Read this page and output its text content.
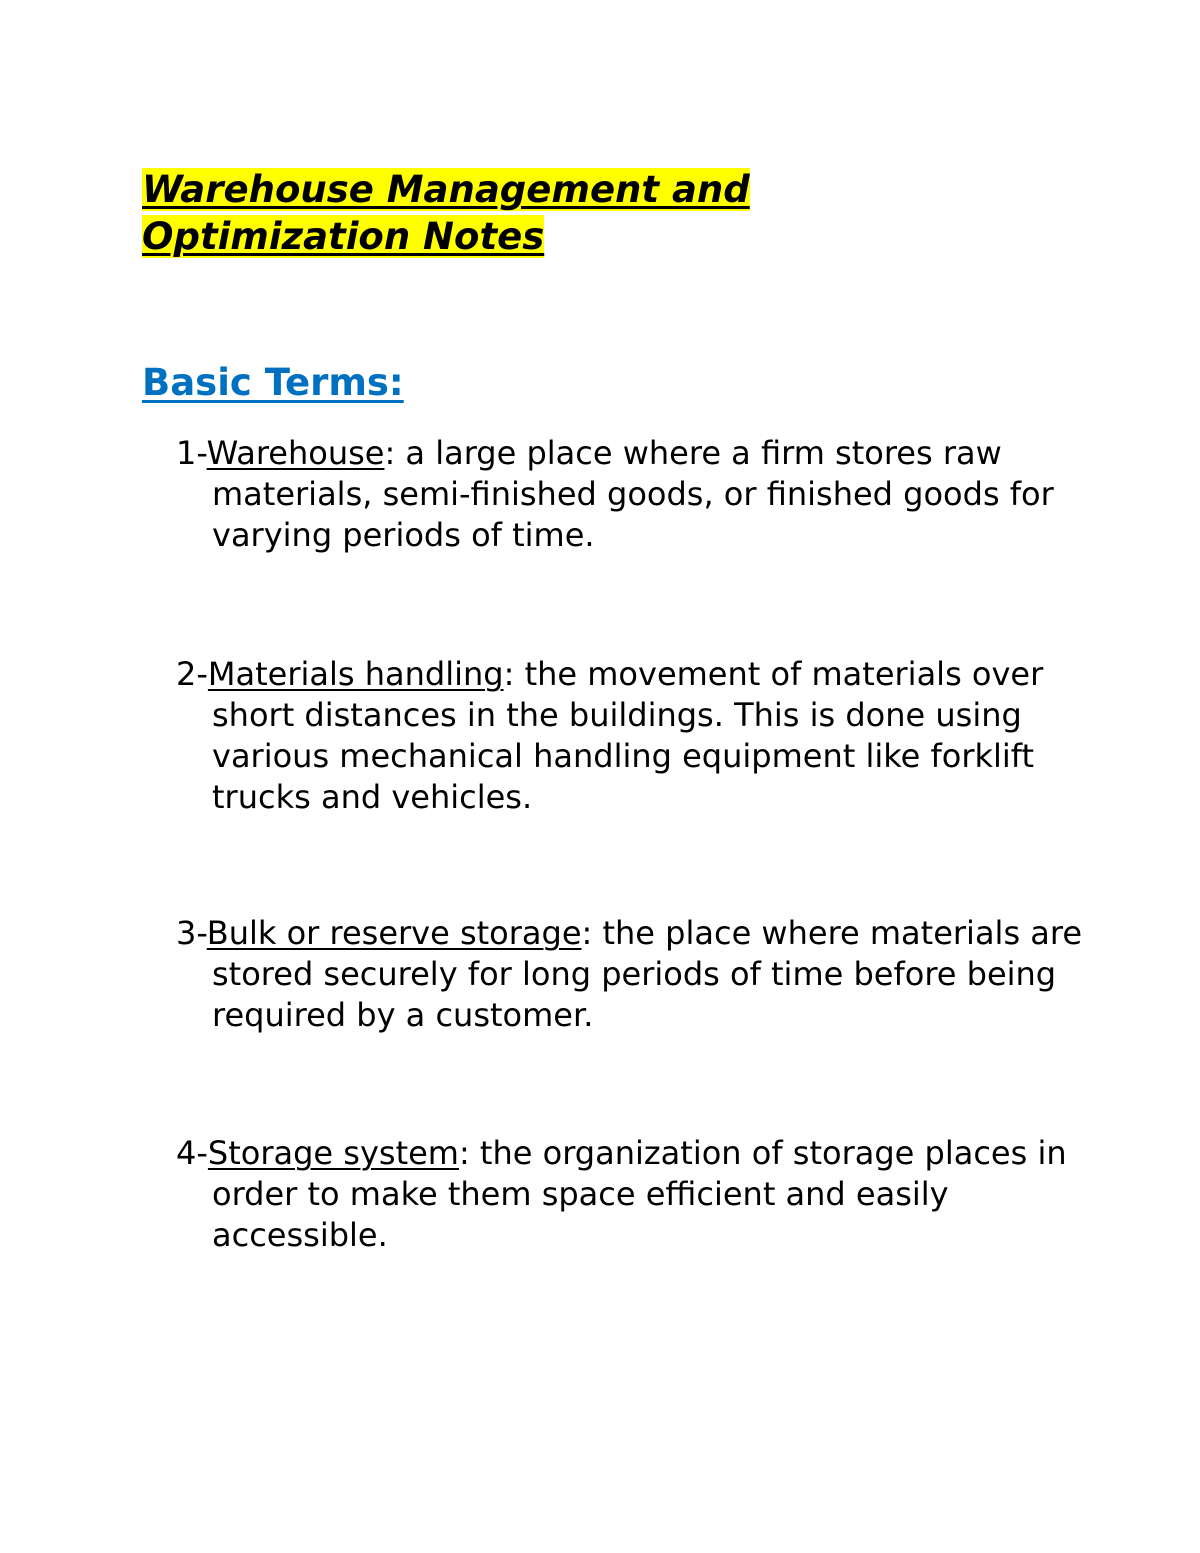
Warehouse Management and
Optimization Notes
Basic Terms:
1-Warehouse: a large place where a firm stores raw materials, semi-finished goods, or finished goods for varying periods of time.
2-Materials handling: the movement of materials over short distances in the buildings. This is done using various mechanical handling equipment like forklift trucks and vehicles.
3-Bulk or reserve storage: the place where materials are stored securely for long periods of time before being required by a customer.
4-Storage system: the organization of storage places in order to make them space efficient and easily accessible.
